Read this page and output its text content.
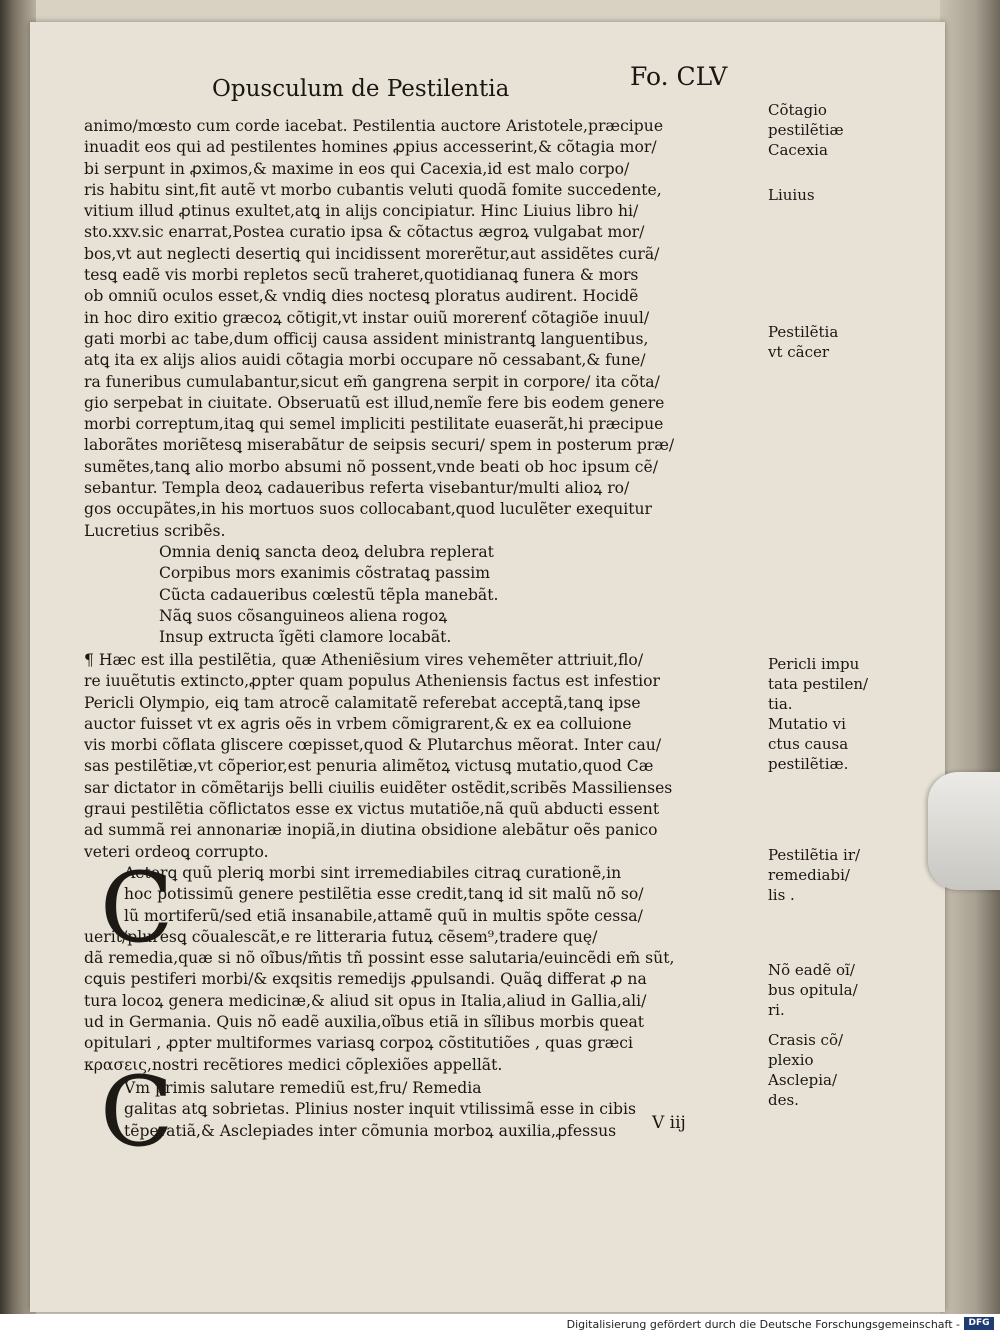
Opusculum de Pestilentia	Fo. CLV
animo/mœsto cum corde iacebat. Pestilentia auctore Aristotele,præcipue
inuadit eos qui ad pestilentes homines ꝓpius accesserint,& cõtagia mor/
bi serpunt in ꝓximos,& maxime in eos qui Cacexia,id est malo corpo/
ris habitu sint,fit autẽ vt morbo cubantis veluti quodã fomite succedente,
vitium illud ꝓtinus exultet,atꝗ in alijs concipiatur. Hinc Liuius libro hi/
sto.xxv.sic enarrat,Postea curatio ipsa & cõtactus ægroꝝ vulgabat mor/
bos,vt aut neglecti desertiꝗ qui incidissent morerẽtur,aut assidẽtes curã/
tesꝗ eadẽ vis morbi repletos secũ traheret,quotidianaꝗ funera & mors
ob omniũ oculos esset,& vndiꝗ dies noctesꝗ ploratus audirent. Hocidẽ
in hoc diro exitio græcoꝝ cõtigit,vt instar ouiũ morerenť cõtagiõe inuul/
gati morbi ac tabe,dum officij causa assident ministrantꝗ languentibus,
atꝗ ita ex alijs alios auidi cõtagia morbi occupare nõ cessabant,& fune/
ra funeribus cumulabantur,sicut em̃ gangrena serpit in corpore/ ita cõta/
gio serpebat in ciuitate. Obseruatũ est illud,nemĩe fere bis eodem genere
morbi correptum,itaꝗ qui semel impliciti pestilitate euaserãt,hi præcipue
laborãtes moriẽtesꝗ miserabãtur de seipsis securi/ spem in posterum præ/
sumẽtes,tanꝗ alio morbo absumi nõ possent,vnde beati ob hoc ipsum cẽ/
sebantur. Templa deoꝝ cadaueribus referta visebantur/multi alioꝝ ro/
gos occupãtes,in his mortuos suos collocabant,quod luculẽter exequitur
Lucretius scribẽs.
Omnia deniꝗ sancta deoꝝ delubra replerat
Corpibus mors exanimis cõstrataꝗ passim
Cũcta cadaueribus cœlestũ tẽpla manebãt.
Nãꝗ suos cõsanguineos aliena rogoꝝ
Insup extructa ĩgẽti clamore locabãt.
¶ Hæc est illa pestilẽtia, quæ Atheniẽsium vires vehemẽter attriuit,flo/
re iuuẽtutis extincto,ꝓpter quam populus Atheniensis factus est infestior
Pericli Olympio, eiꝗ tam atrocẽ calamitatẽ referebat acceptã,tanꝗ ipse
auctor fuisset vt ex agris oẽs in vrbem cõmigrarent,& ex ea colluione
vis morbi cõflata gliscere cœpisset,quod & Plutarchus mẽorat. Inter cau/
sas pestilẽtiæ,vt cõperior,est penuria alimẽtoꝝ victusꝗ mutatio,quod Cæ
sar dictator in cõmẽtarijs belli ciuilis euidẽter ostẽdit,scribẽs Massilienses
graui pestilẽtia cõflictatos esse ex victus mutatiõe,nã quũ abducti essent
ad summã rei annonariæ inopiã,in diutina obsidione alebãtur oẽs panico
veteri ordeoꝗ corrupto.
C
Aeterꝗ quũ pleriꝗ morbi sint irremediabiles citraꝗ curationẽ,in
hoc potissimũ genere pestilẽtia esse credit,tanꝗ id sit malũ nõ so/
lũ mortiferũ/sed etiã insanabile,attamẽ quũ in multis spõte cessa/
uerit/pluresꝗ cõualescãt,e re litteraria futuꝝ cẽsem⁹,tradere quę/
dã remedia,quæ si nõ oĩbus/m̃tis tñ possint esse salutaria/euincẽdi em̃ sũt,
cꝗuis pestiferi morbi/& exqsitis remedijs ꝓpulsandi. Quãꝗ differat ꝓ na
tura locoꝝ genera medicinæ,& aliud sit opus in Italia,aliud in Gallia,ali/
ud in Germania. Quis nõ eadẽ auxilia,oĩbus etiã in sĩlibus morbis queat
opitulari , ꝓpter multiformes variasꝗ corpoꝝ cõstitutiões , quas græci
κρασεις,nostri recẽtiores medici cõplexiões appellãt.
C
Vm primis salutare remediũ est,fru/ Remedia
galitas atꝗ sobrietas. Plinius noster inquit vtilissimã esse in cibis
tẽperatiã,& Asclepiades inter cõmunia morboꝝ auxilia,ꝓfessus	V iij
Cõtagio
pestilẽtiæ
Cacexia
Liuius
Pestilẽtia
vt cãcer
Pericli impu
tata pestilen/
tia.
Mutatio vi
ctus causa
pestilẽtiæ.
Pestilẽtia ir/
remediabi/
lis .
Nõ eadẽ oĩ/
bus opitula/
ri.
Crasis cõ/
plexio
Asclepia/
des.
Digitalisierung gefördert durch die Deutsche Forschungsgemeinschaft - DFG
